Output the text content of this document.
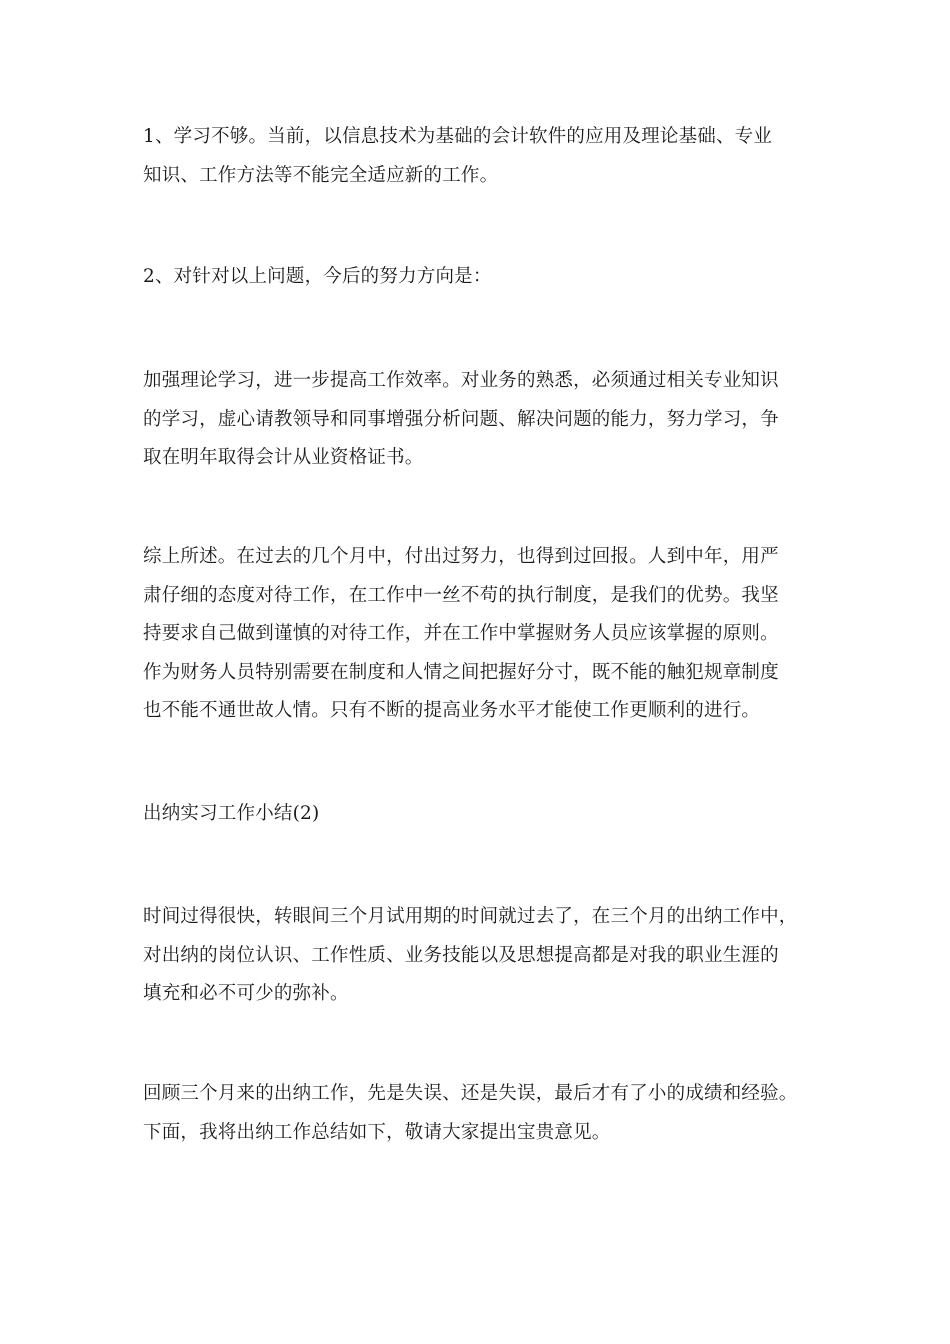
1、学习不够。当前，以信息技术为基础的会计软件的应用及理论基础、专业
知识、工作方法等不能完全适应新的工作。
2、对针对以上问题，今后的努力方向是：
加强理论学习，进一步提高工作效率。对业务的熟悉，必须通过相关专业知识
的学习，虚心请教领导和同事增强分析问题、解决问题的能力，努力学习，争
取在明年取得会计从业资格证书。
综上所述。在过去的几个月中，付出过努力，也得到过回报。人到中年，用严
肃仔细的态度对待工作，在工作中一丝不苟的执行制度，是我们的优势。我坚
持要求自己做到谨慎的对待工作，并在工作中掌握财务人员应该掌握的原则。
作为财务人员特别需要在制度和人情之间把握好分寸，既不能的触犯规章制度
也不能不通世故人情。只有不断的提高业务水平才能使工作更顺利的进行。
出纳实习工作小结(2)
时间过得很快，转眼间三个月试用期的时间就过去了，在三个月的出纳工作中，
对出纳的岗位认识、工作性质、业务技能以及思想提高都是对我的职业生涯的
填充和必不可少的弥补。
回顾三个月来的出纳工作，先是失误、还是失误，最后才有了小的成绩和经验。
下面，我将出纳工作总结如下，敬请大家提出宝贵意见。
